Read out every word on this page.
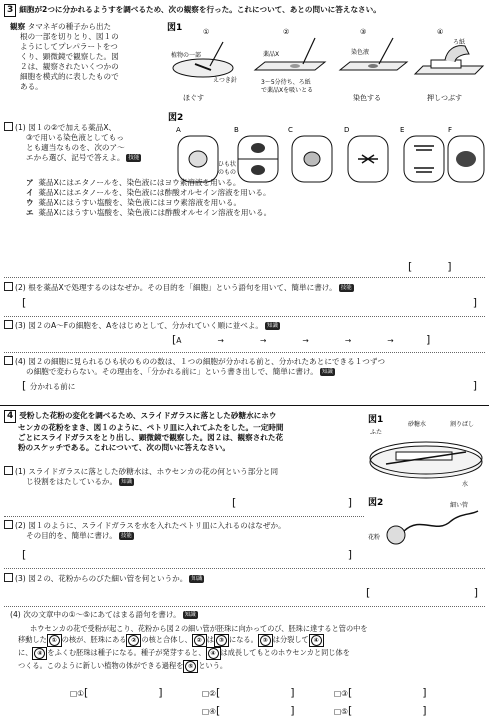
3 細胞が2つに分かれるようすを調べるため、次の観察を行った。これについて、あとの問いに答えなさい。
観察 タマネギの種子から出た
根の一部を切りとり、図１の
ようにしてプレパラートをつ
くり、顕微鏡で観察した。図
２は、観察されたいくつかの
細胞を模式的に表したもので
ある。
図1	①	②	③	④
植物の一部
えつき針
ほぐす
薬品X
3～5分待ち、ろ紙
で薬品Xを吸いとる
染色液
染色する
ろ紙
押しつぶす
図2
A	B
ひも状
のもの
C	D	E	F
(1) 図１の②で加える薬品X、
③で用いる染色液としてもっ
とも適当なものを、次のア～
エから選び、記号で答えよ。 技能
ア 薬品Xにはエタノールを、染色液にはヨウ素溶液を用いる。
イ 薬品Xにはエタノールを、染色液には酢酸オルセイン溶液を用いる。
ウ 薬品Xにはうすい塩酸を、染色液にはヨウ素溶液を用いる。
エ 薬品Xにはうすい塩酸を、染色液には酢酸オルセイン溶液を用いる。
[          ]
(2) 根を薬品Xで処理するのはなぜか。その目的を「細胞」という語句を用いて、簡単に書け。 技能
[	]
(3) 図２のA～Fの細胞を、Aをはじめとして、分かれていく順に並べよ。 知識
[A	→	→	→	→	→	]
(4) 図２の細胞に見られるひも状のものの数は、１つの細胞が分かれる前と、分かれたあとにできる１つずつ
の細胞で変わらない。その理由を、「分かれる前に」という書き出しで、簡単に書け。 知識
[ 分かれる前に	]
4 受粉した花粉の変化を調べるため、スライドガラスに落とした砂糖水にホウ
センカの花粉をまき、図１のように、ペトリ皿に入れてふたをした。一定時間
ごとにスライドガラスをとり出し、顕微鏡で観察した。図２は、観察された花
粉のスケッチである。これについて、次の問いに答えなさい。
図1
ふた
砂糖水	割りばし
水
図2	細い管
花粉
(1) スライドガラスに落とした砂糖水は、ホウセンカの花の何という部分と同
じ役割をはたしているか。 知識
[	]
(2) 図１のように、スライドガラスを水を入れたペトリ皿に入れるのはなぜか。
その目的を、簡単に書け。 技能
[	]
(3) 図２の、花粉からのびた細い管を何というか。 知識
[	]
(4) 次の文章中の①～⑤にあてはまる語句を書け。 知識
ホウセンカの花で受粉が起こり、花粉から図２の細い管が胚珠に向かってのび、胚珠に達すると管の中を
移動した ① の核が、胚珠にある ② の核と合体し、 ② は ③ になる。 ③ は分裂して ④
に、 ④ をふくむ胚珠は種子になる。種子が発芽すると、 ④ は成長してもとのホウセンカと同じ体を
つくる。このように新しい植物の体ができる過程を ⑤ という。
□①[                    ]	□②[                    ]	□③[                    ]
□④[                    ]	□⑤[                    ]
